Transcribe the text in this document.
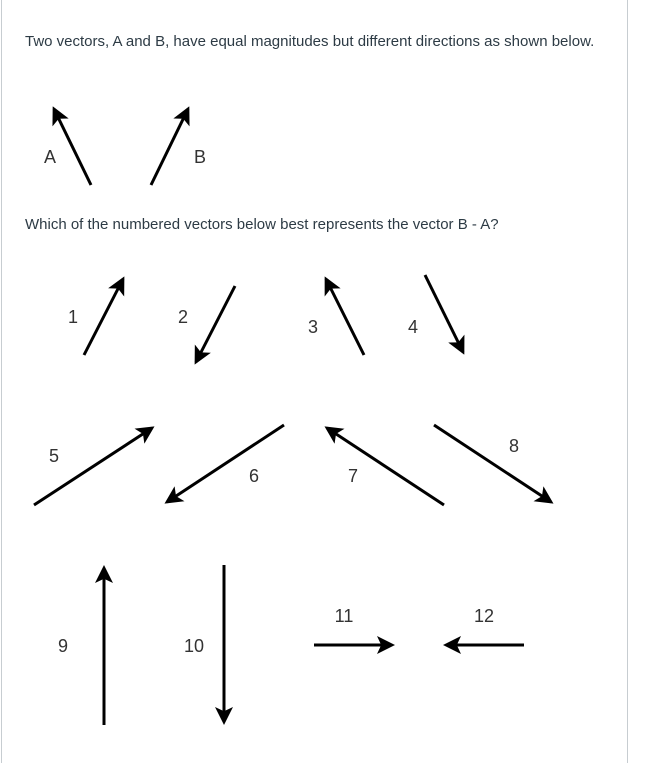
Two vectors, A and B, have equal magnitudes but different directions as shown below.
Which of the numbered vectors below best represents the vector B - A?
A	B
1	2	3	4
5
6	7
8
9	10
11	12
